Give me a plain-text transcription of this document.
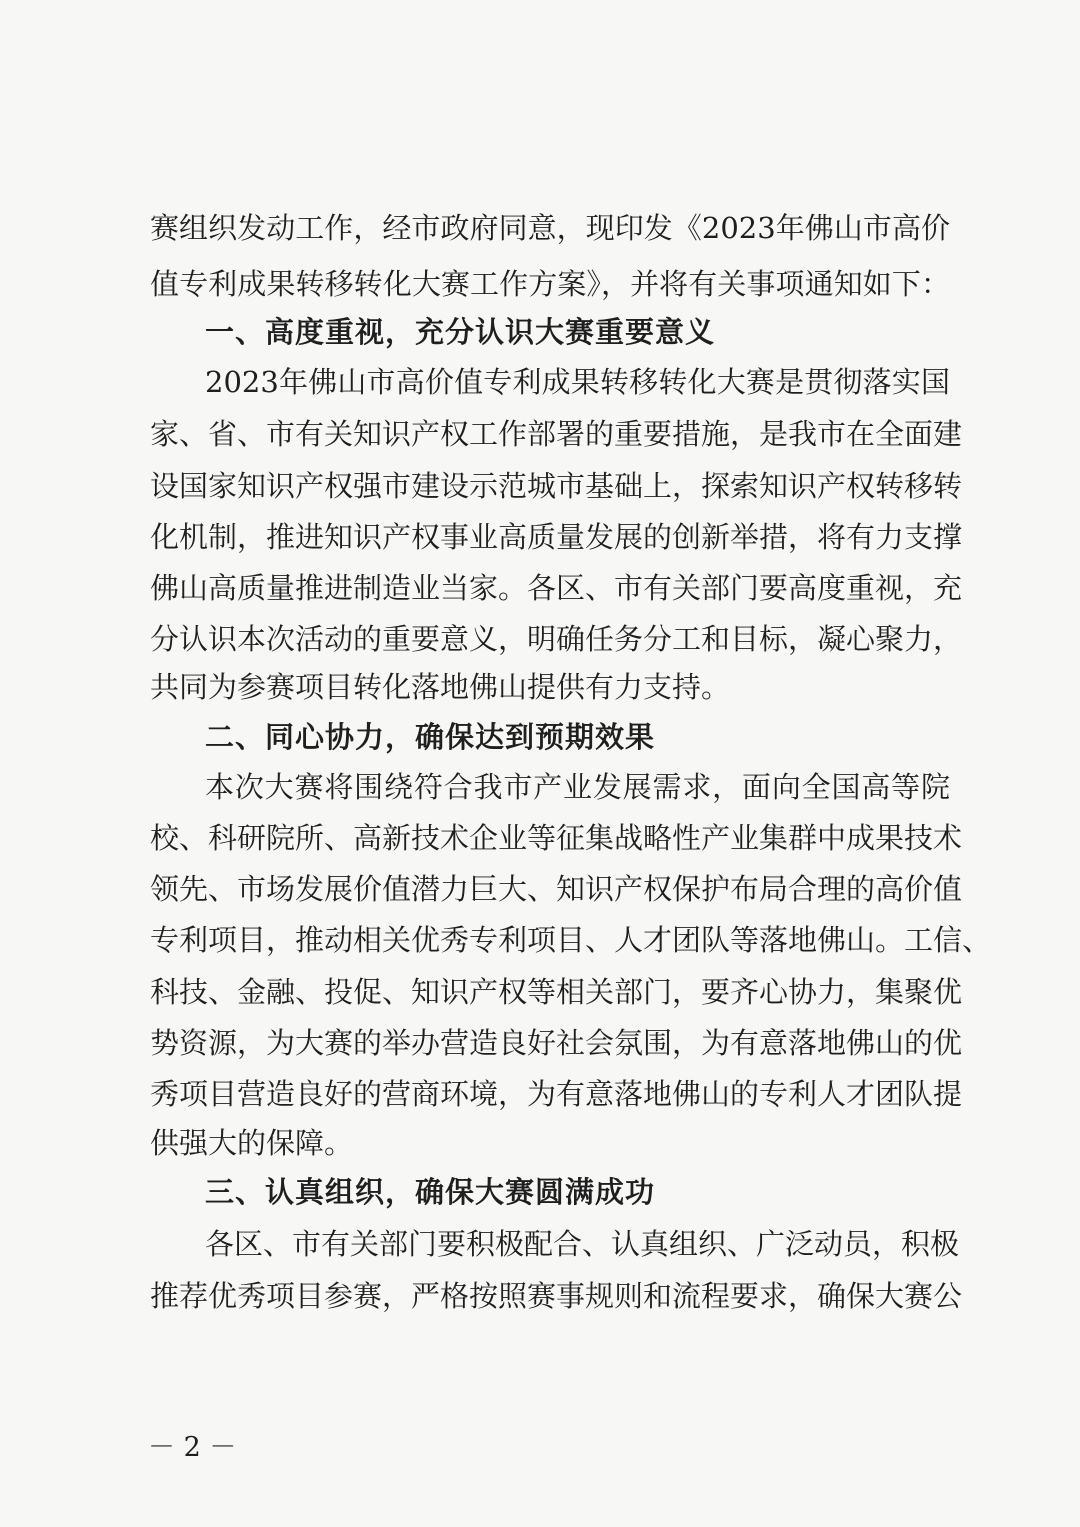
赛组织发动工作，经市政府同意，现印发《2023年佛山市高价
值专利成果转移转化大赛工作方案》，并将有关事项通知如下：
一、高度重视，充分认识大赛重要意义
2023年佛山市高价值专利成果转移转化大赛是贯彻落实国
家、省、市有关知识产权工作部署的重要措施，是我市在全面建
设国家知识产权强市建设示范城市基础上，探索知识产权转移转
化机制，推进知识产权事业高质量发展的创新举措，将有力支撑
佛山高质量推进制造业当家。各区、市有关部门要高度重视，充
分认识本次活动的重要意义，明确任务分工和目标，凝心聚力，
共同为参赛项目转化落地佛山提供有力支持。
二、同心协力，确保达到预期效果
本次大赛将围绕符合我市产业发展需求，面向全国高等院
校、科研院所、高新技术企业等征集战略性产业集群中成果技术
领先、市场发展价值潜力巨大、知识产权保护布局合理的高价值
专利项目，推动相关优秀专利项目、人才团队等落地佛山。工信、
科技、金融、投促、知识产权等相关部门，要齐心协力，集聚优
势资源，为大赛的举办营造良好社会氛围，为有意落地佛山的优
秀项目营造良好的营商环境，为有意落地佛山的专利人才团队提
供强大的保障。
三、认真组织，确保大赛圆满成功
各区、市有关部门要积极配合、认真组织、广泛动员，积极
推荐优秀项目参赛，严格按照赛事规则和流程要求，确保大赛公
－ 2 －
